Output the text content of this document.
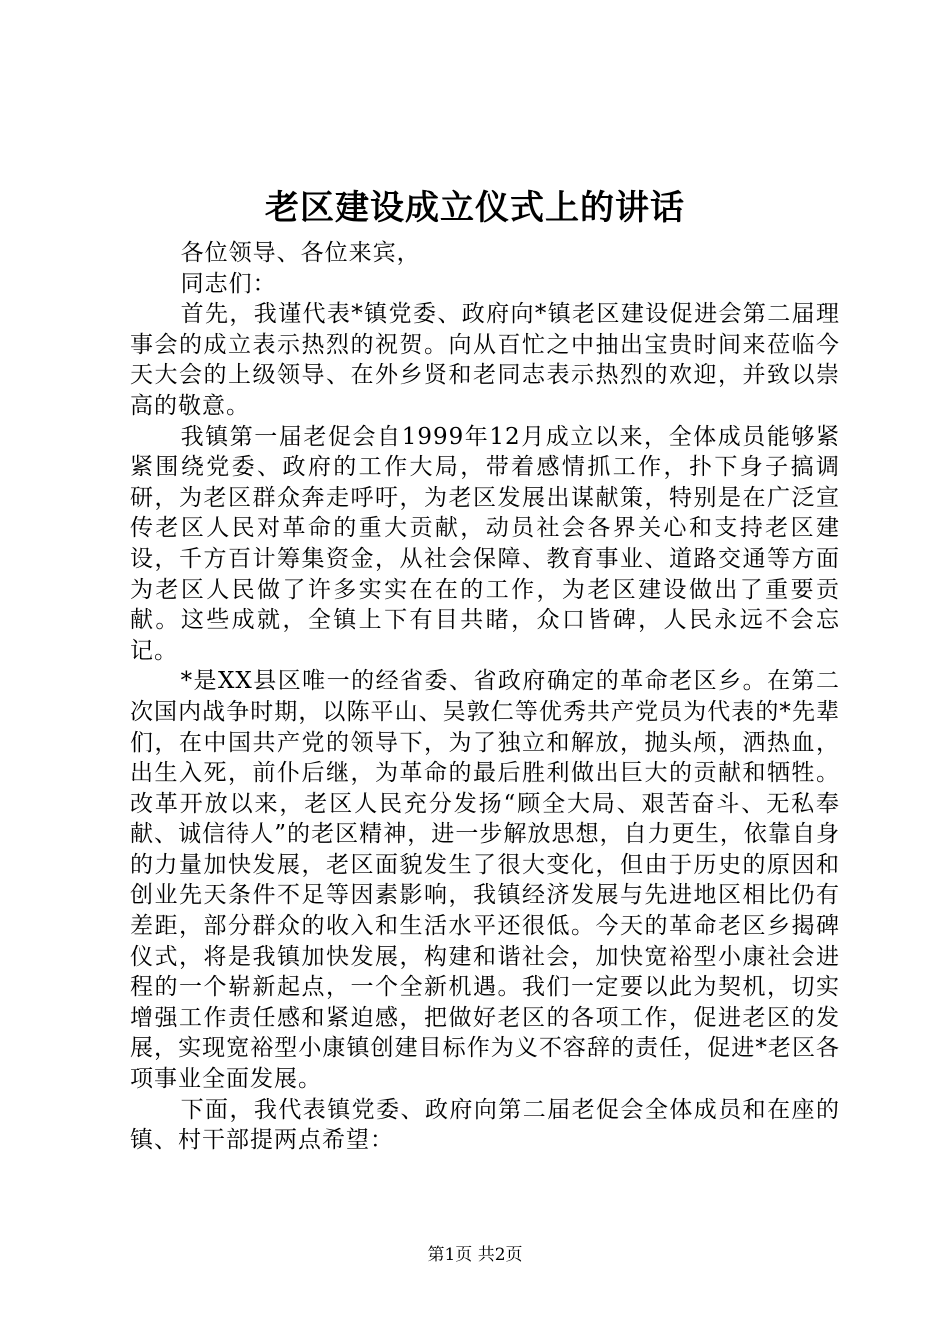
老区建设成立仪式上的讲话

各位领导、各位来宾，

同志们：

首先，我谨代表*镇党委、政府向*镇老区建设促进会第二届理事会的成立表示热烈的祝贺。向从百忙之中抽出宝贵时间来莅临今天大会的上级领导、在外乡贤和老同志表示热烈的欢迎，并致以崇高的敬意。

我镇第一届老促会自1999年12月成立以来，全体成员能够紧紧围绕党委、政府的工作大局，带着感情抓工作，扑下身子搞调研，为老区群众奔走呼吁，为老区发展出谋献策，特别是在广泛宣传老区人民对革命的重大贡献，动员社会各界关心和支持老区建设，千方百计筹集资金，从社会保障、教育事业、道路交通等方面为老区人民做了许多实实在在的工作，为老区建设做出了重要贡献。这些成就，全镇上下有目共睹，众口皆碑，人民永远不会忘记。

*是XX县区唯一的经省委、省政府确定的革命老区乡。在第二次国内战争时期，以陈平山、吴敦仁等优秀共产党员为代表的*先辈们，在中国共产党的领导下，为了独立和解放，抛头颅，洒热血，出生入死，前仆后继，为革命的最后胜利做出巨大的贡献和牺牲。改革开放以来，老区人民充分发扬“顾全大局、艰苦奋斗、无私奉献、诚信待人”的老区精神，进一步解放思想，自力更生，依靠自身的力量加快发展，老区面貌发生了很大变化，但由于历史的原因和创业先天条件不足等因素影响，我镇经济发展与先进地区相比仍有差距，部分群众的收入和生活水平还很低。今天的革命老区乡揭碑仪式，将是我镇加快发展，构建和谐社会，加快宽裕型小康社会进程的一个崭新起点，一个全新机遇。我们一定要以此为契机，切实增强工作责任感和紧迫感，把做好老区的各项工作，促进老区的发展，实现宽裕型小康镇创建目标作为义不容辞的责任，促进*老区各项事业全面发展。

下面，我代表镇党委、政府向第二届老促会全体成员和在座的镇、村干部提两点希望：

第1页 共2页
